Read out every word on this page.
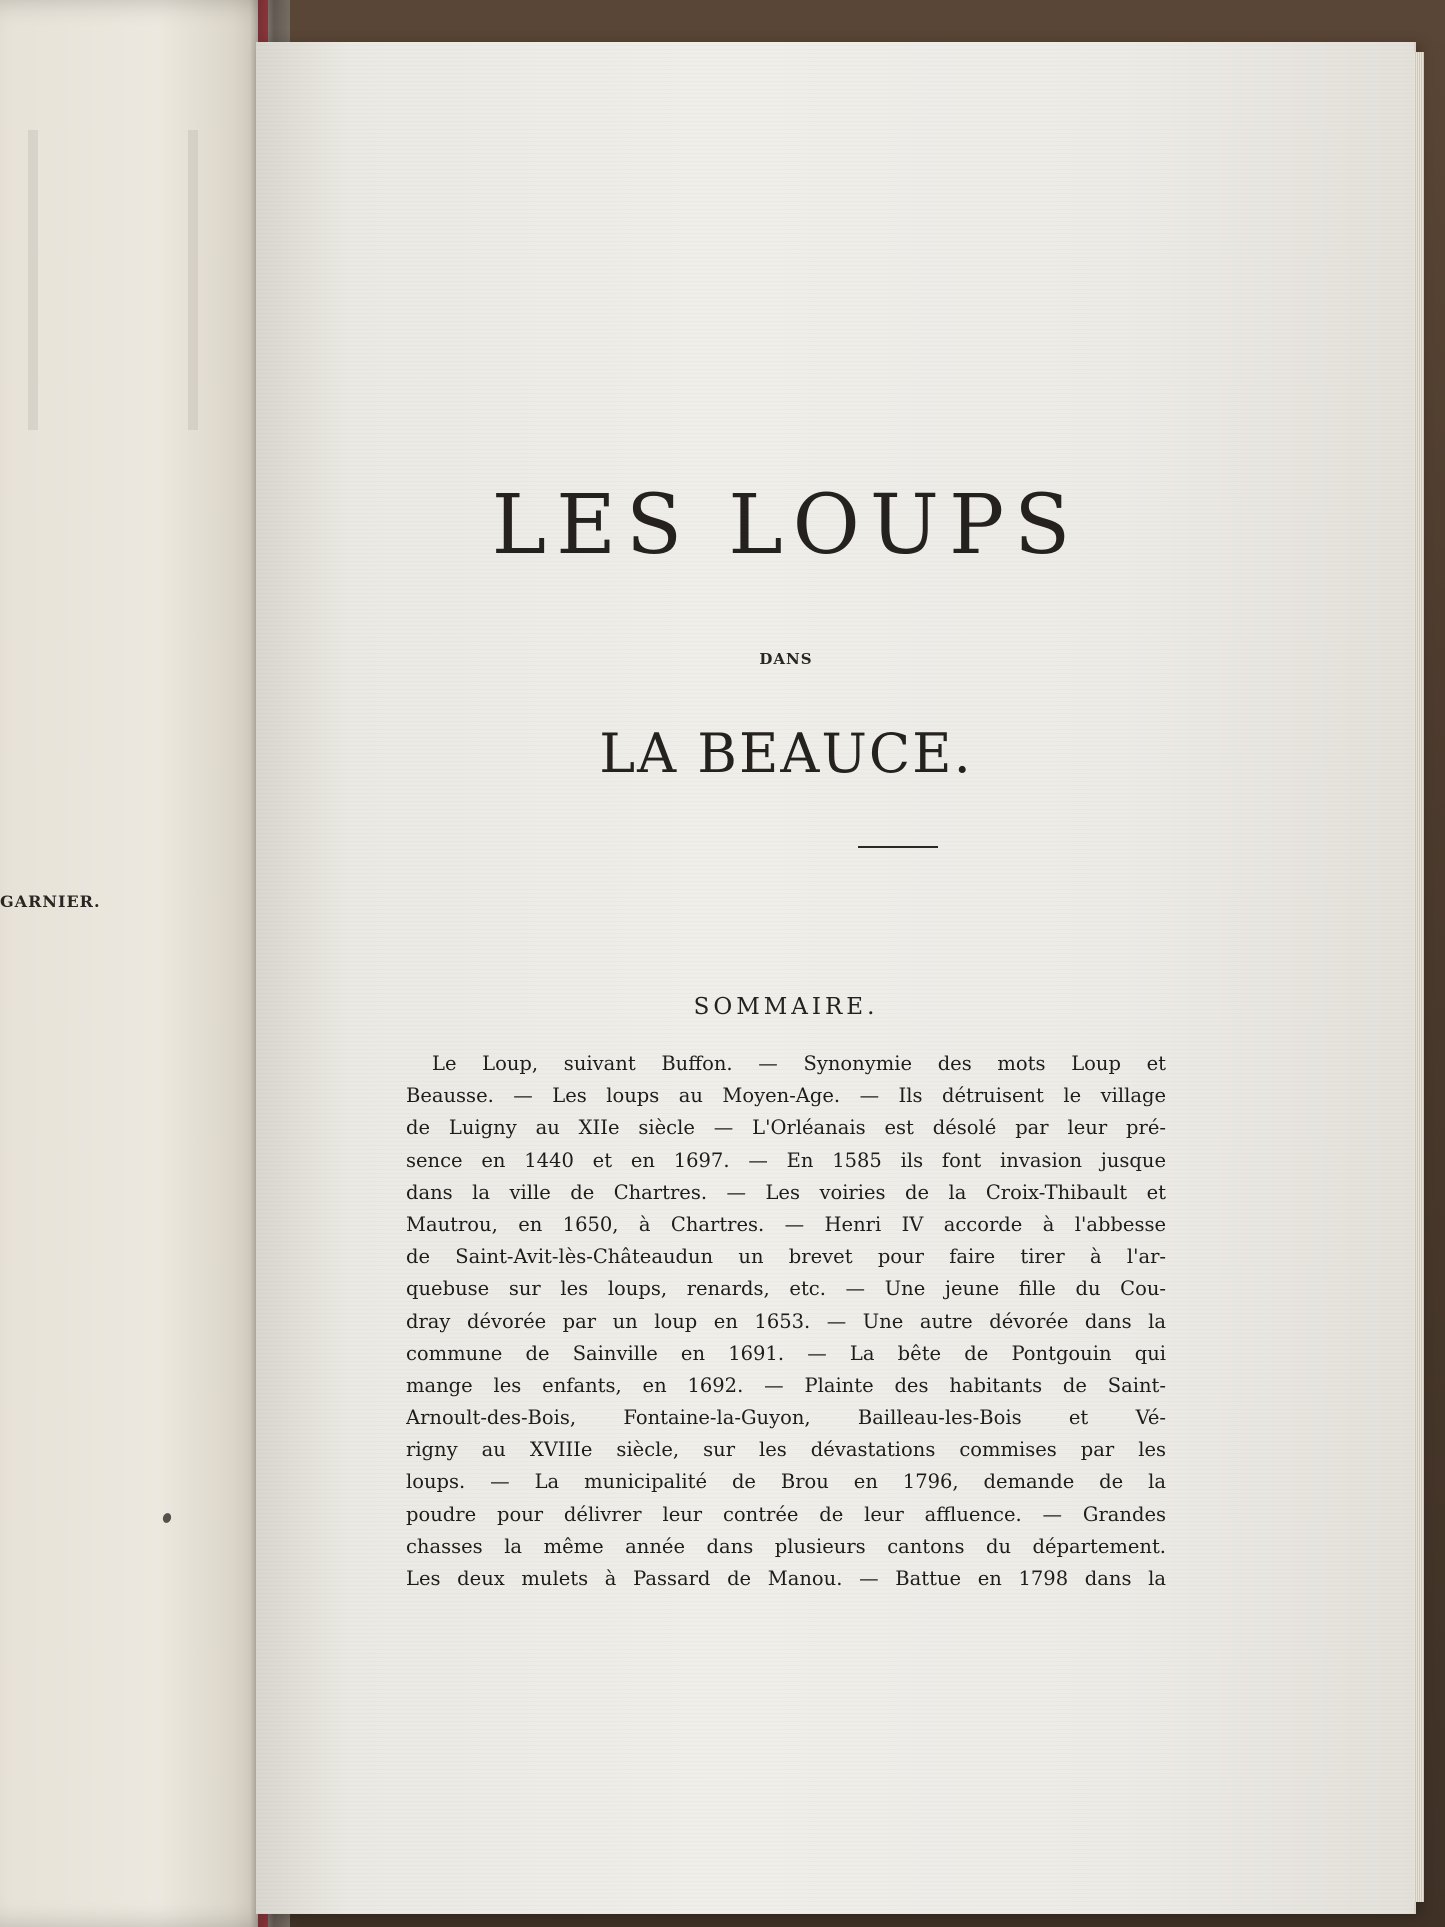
GARNIER.
LES LOUPS
DANS
LA BEAUCE.
SOMMAIRE.
Le Loup, suivant Buffon. — Synonymie des mots Loup et
Beausse. — Les loups au Moyen-Age. — Ils détruisent le village
de Luigny au XIIe siècle — L'Orléanais est désolé par leur pré-
sence en 1440 et en 1697. — En 1585 ils font invasion jusque
dans la ville de Chartres. — Les voiries de la Croix-Thibault et
Mautrou, en 1650, à Chartres. — Henri IV accorde à l'abbesse
de Saint-Avit-lès-Châteaudun un brevet pour faire tirer à l'ar-
quebuse sur les loups, renards, etc. — Une jeune fille du Cou-
dray dévorée par un loup en 1653. — Une autre dévorée dans la
commune de Sainville en 1691. — La bête de Pontgouin qui
mange les enfants, en 1692. — Plainte des habitants de Saint-
Arnoult-des-Bois, Fontaine-la-Guyon, Bailleau-les-Bois et Vé-
rigny au XVIIIe siècle, sur les dévastations commises par les
loups. — La municipalité de Brou en 1796, demande de la
poudre pour délivrer leur contrée de leur affluence. — Grandes
chasses la même année dans plusieurs cantons du département.
Les deux mulets à Passard de Manou. — Battue en 1798 dans la
